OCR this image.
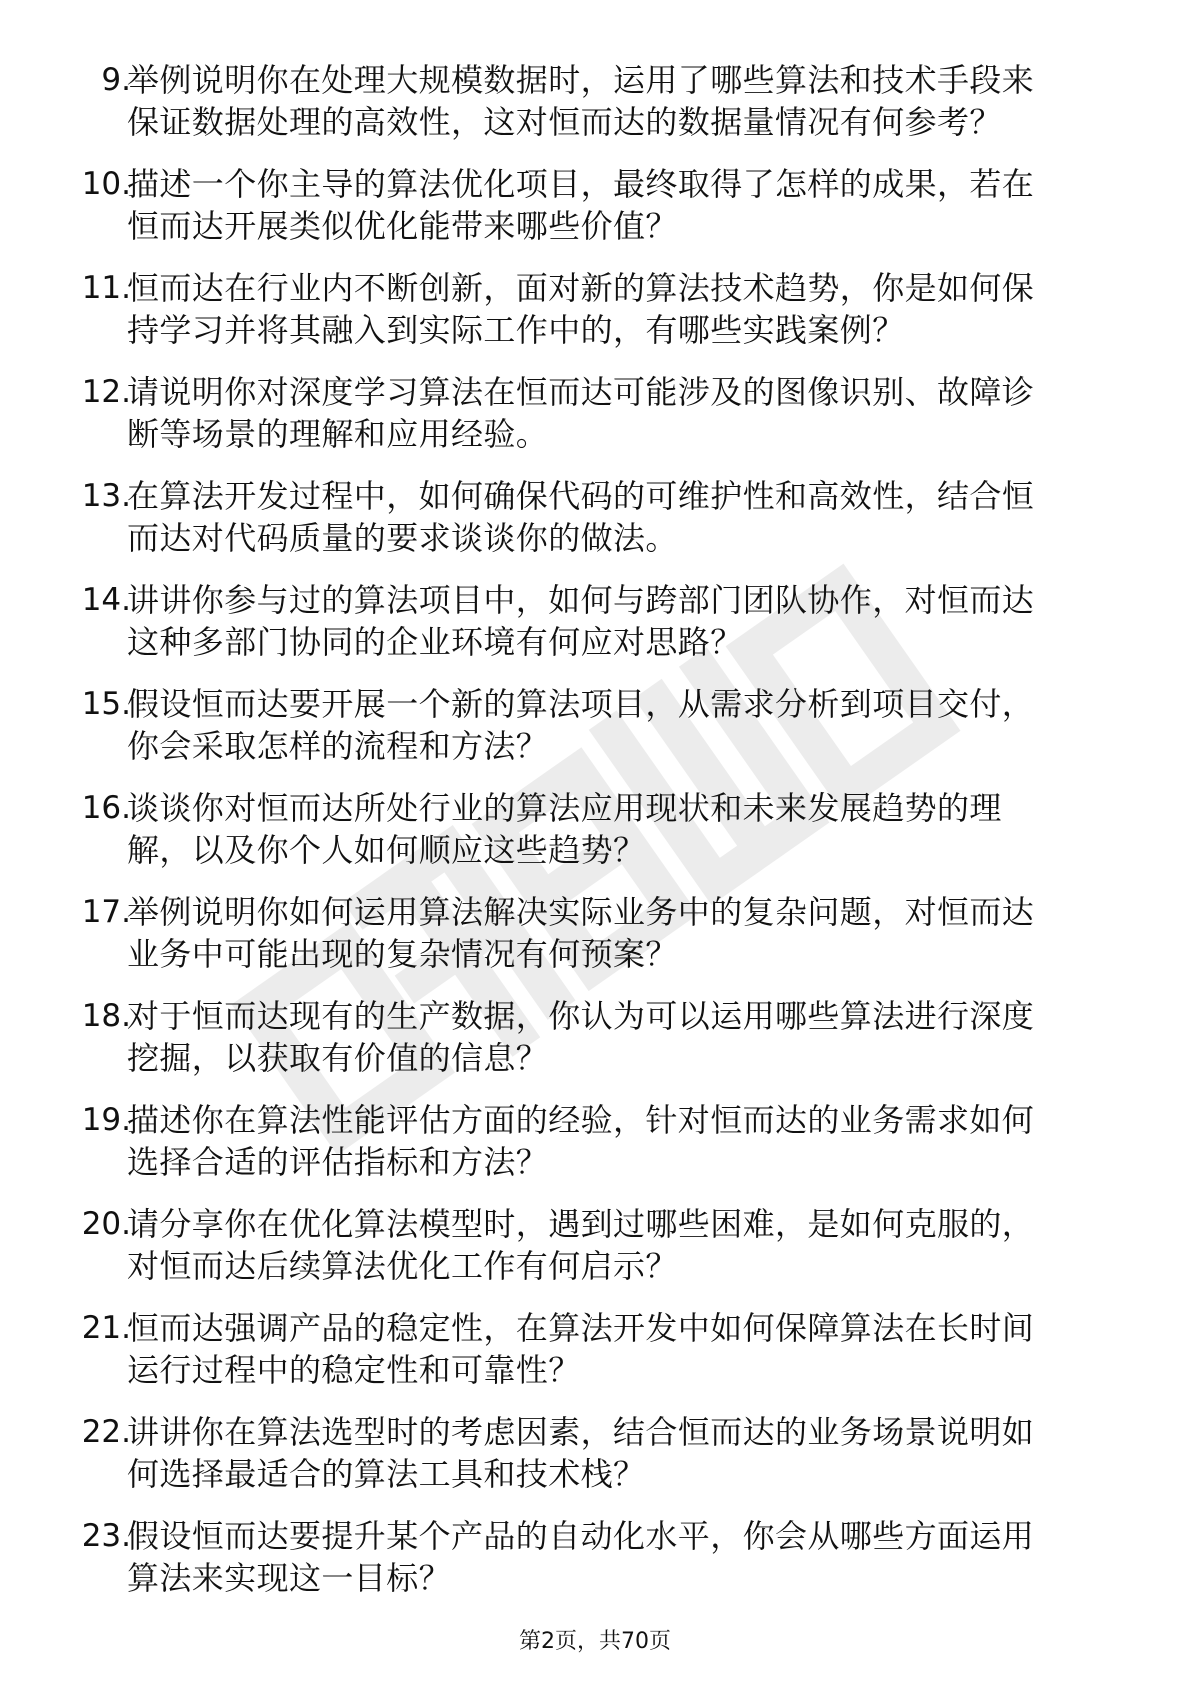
9.
举例说明你在处理大规模数据时，运用了哪些算法和技术手段来
保证数据处理的高效性，这对恒而达的数据量情况有何参考？
10.
描述一个你主导的算法优化项目，最终取得了怎样的成果，若在
恒而达开展类似优化能带来哪些价值？
11.
恒而达在行业内不断创新，面对新的算法技术趋势，你是如何保
持学习并将其融入到实际工作中的，有哪些实践案例？
12.
请说明你对深度学习算法在恒而达可能涉及的图像识别、故障诊
断等场景的理解和应用经验。
13.
在算法开发过程中，如何确保代码的可维护性和高效性，结合恒
而达对代码质量的要求谈谈你的做法。
14.
讲讲你参与过的算法项目中，如何与跨部门团队协作，对恒而达
这种多部门协同的企业环境有何应对思路？
15.
假设恒而达要开展一个新的算法项目，从需求分析到项目交付，
你会采取怎样的流程和方法？
16.
谈谈你对恒而达所处行业的算法应用现状和未来发展趋势的理
解，以及你个人如何顺应这些趋势？
17.
举例说明你如何运用算法解决实际业务中的复杂问题，对恒而达
业务中可能出现的复杂情况有何预案？
18.
对于恒而达现有的生产数据，你认为可以运用哪些算法进行深度
挖掘，以获取有价值的信息？
19.
描述你在算法性能评估方面的经验，针对恒而达的业务需求如何
选择合适的评估指标和方法？
20.
请分享你在优化算法模型时，遇到过哪些困难，是如何克服的，
对恒而达后续算法优化工作有何启示？
21.
恒而达强调产品的稳定性，在算法开发中如何保障算法在长时间
运行过程中的稳定性和可靠性？
22.
讲讲你在算法选型时的考虑因素，结合恒而达的业务场景说明如
何选择最适合的算法工具和技术栈？
23.
假设恒而达要提升某个产品的自动化水平，你会从哪些方面运用
算法来实现这一目标？
第2页，共70页
